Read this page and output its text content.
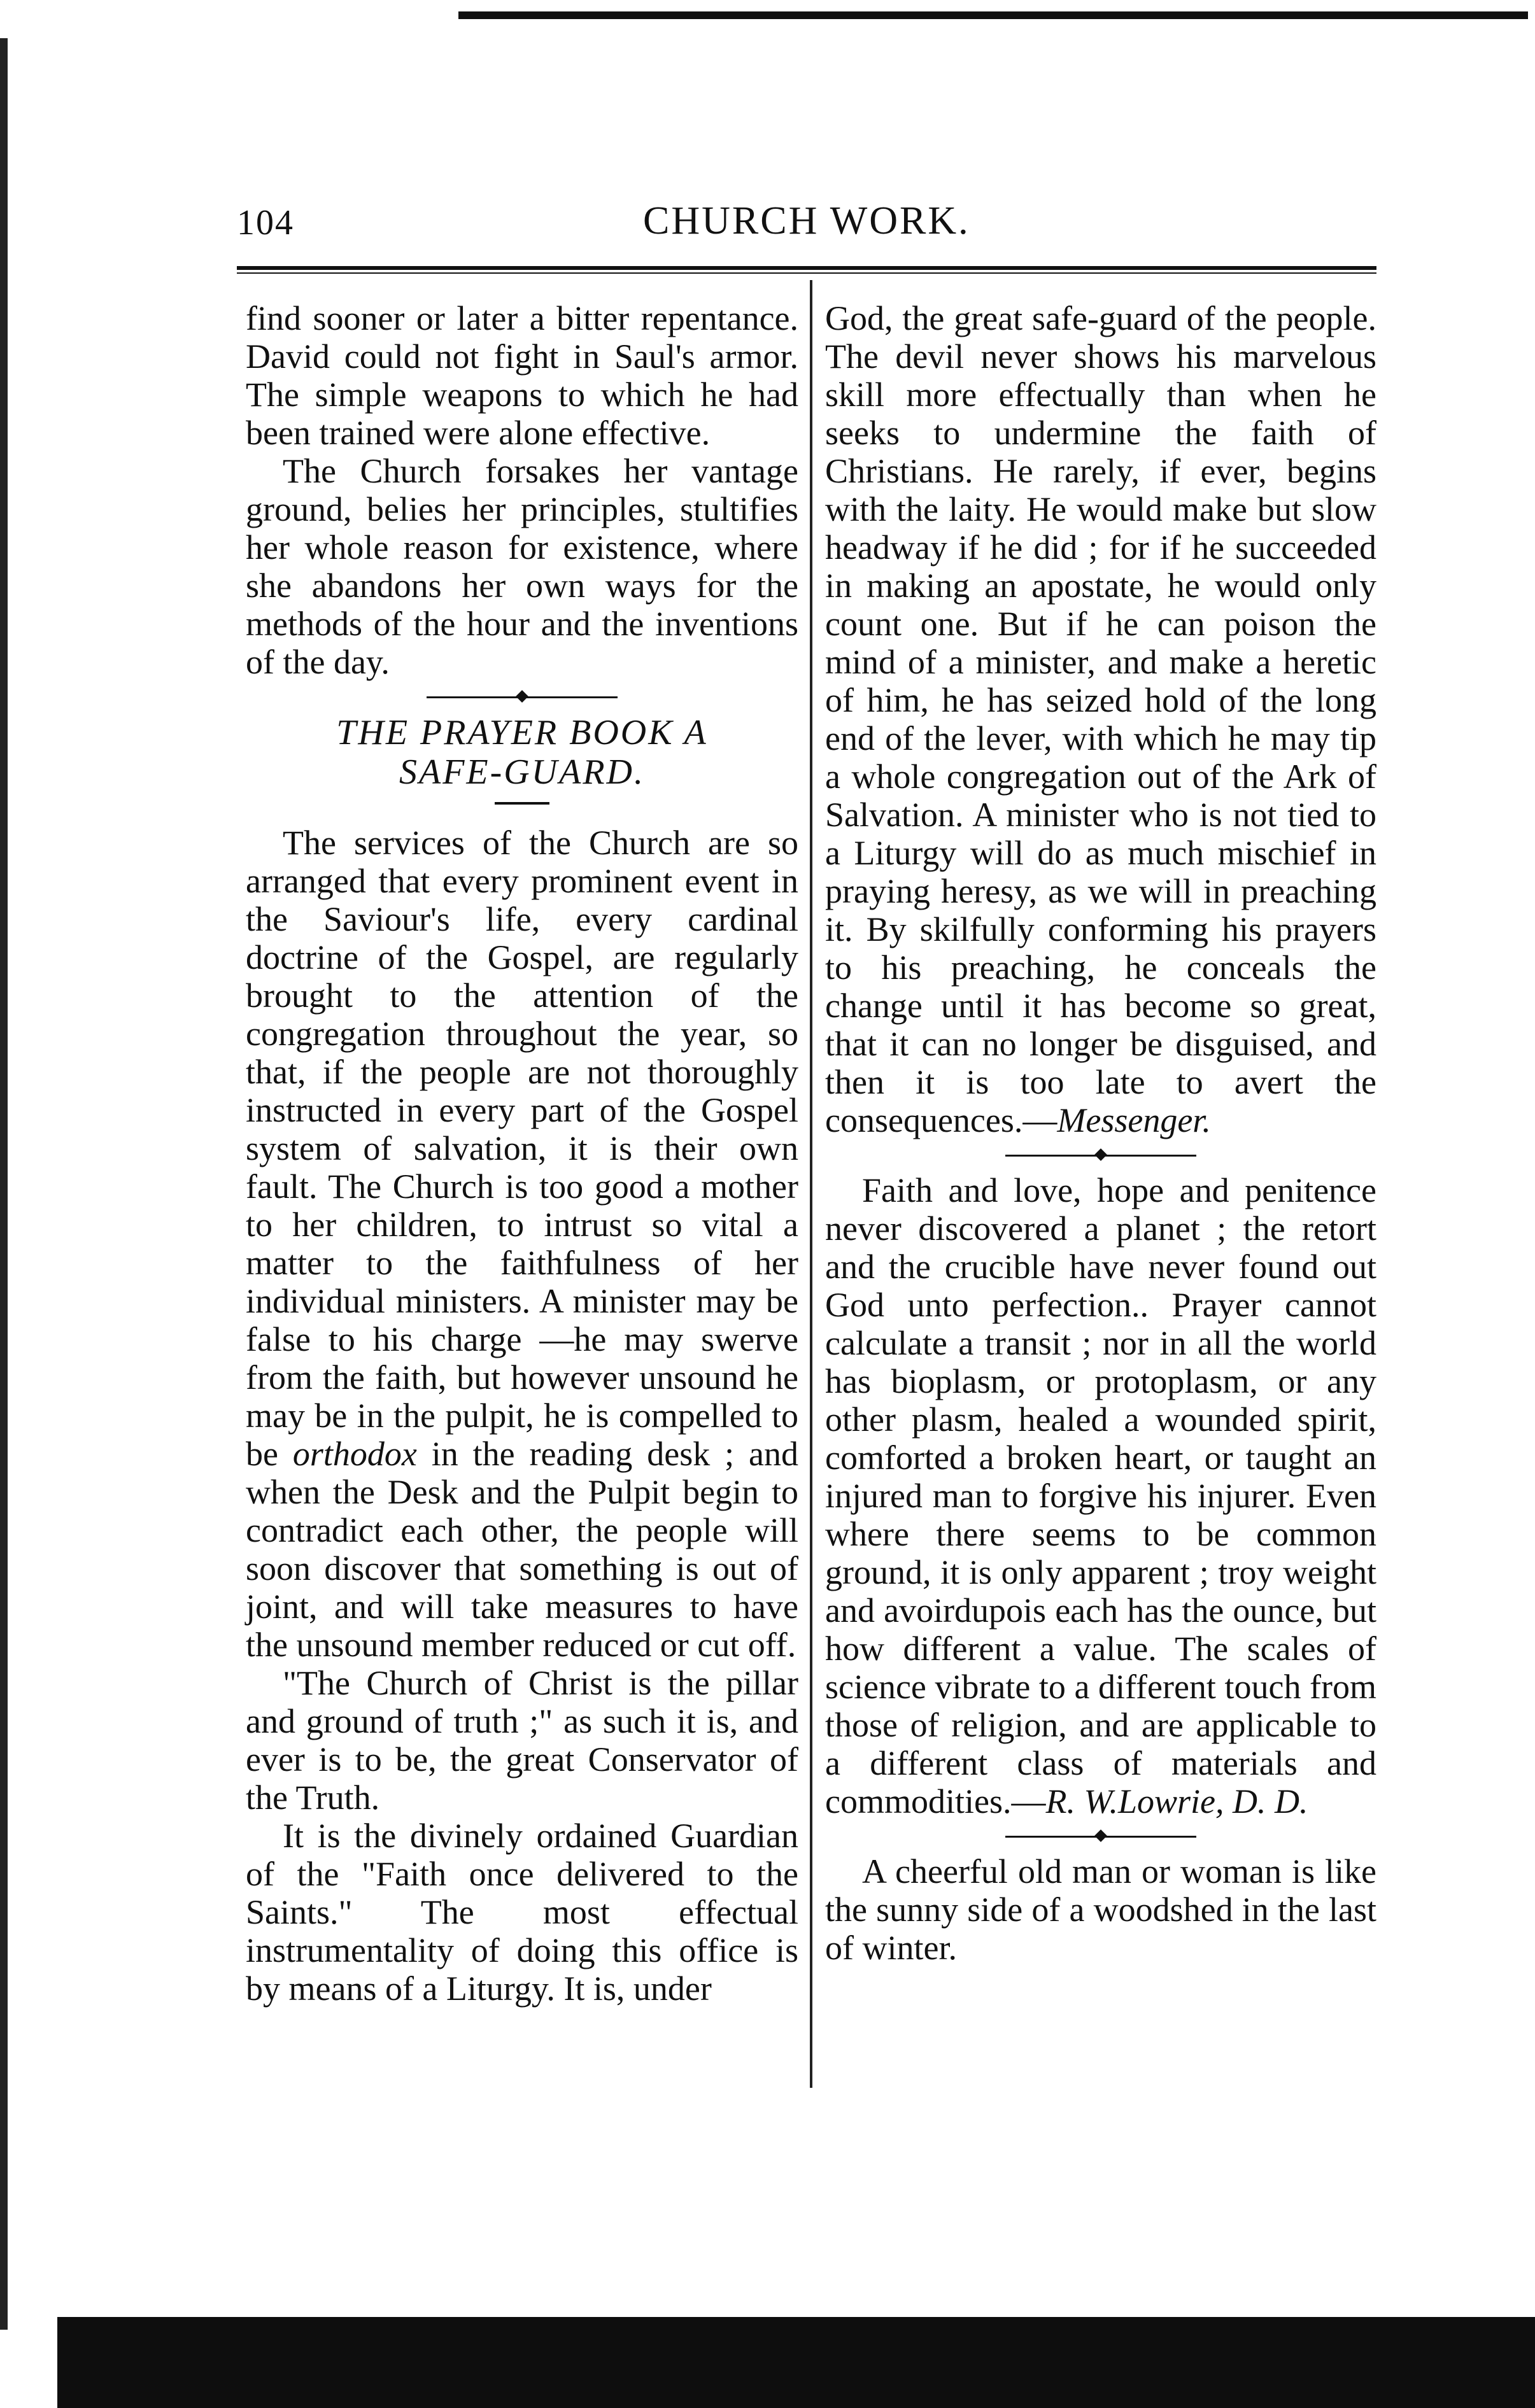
104	CHURCH WORK.

find sooner or later a bitter repentance. David could not fight in Saul's armor. The simple weapons to which he had been trained were alone effective.

The Church forsakes her vantage ground, belies her principles, stultifies her whole reason for existence, where she abandons her own ways for the methods of the hour and the inventions of the day.

THE PRAYER BOOK A
SAFE-GUARD.

The services of the Church are so arranged that every prominent event in the Saviour's life, every cardinal doctrine of the Gospel, are regularly brought to the attention of the congregation throughout the year, so that, if the people are not thoroughly instructed in every part of the Gospel system of salvation, it is their own fault. The Church is too good a mother to her children, to intrust so vital a matter to the faithfulness of her individual ministers. A minister may be false to his charge —he may swerve from the faith, but however unsound he may be in the pulpit, he is compelled to be orthodox in the reading desk ; and when the Desk and the Pulpit begin to contradict each other, the people will soon discover that something is out of joint, and will take measures to have the unsound member reduced or cut off.

"The Church of Christ is the pillar and ground of truth ;" as such it is, and ever is to be, the great Conservator of the Truth.

It is the divinely ordained Guardian of the "Faith once delivered to the Saints." The most effectual instrumentality of doing this office is by means of a Liturgy. It is, under

God, the great safe-guard of the people. The devil never shows his marvelous skill more effectually than when he seeks to undermine the faith of Christians. He rarely, if ever, begins with the laity. He would make but slow headway if he did ; for if he succeeded in making an apostate, he would only count one. But if he can poison the mind of a minister, and make a heretic of him, he has seized hold of the long end of the lever, with which he may tip a whole congregation out of the Ark of Salvation. A minister who is not tied to a Liturgy will do as much mischief in praying heresy, as we will in preaching it. By skilfully conforming his prayers to his preaching, he conceals the change until it has become so great, that it can no longer be disguised, and then it is too late to avert the consequences.—Messenger.

Faith and love, hope and penitence never discovered a planet ; the retort and the crucible have never found out God unto perfection.. Prayer cannot calculate a transit ; nor in all the world has bioplasm, or protoplasm, or any other plasm, healed a wounded spirit, comforted a broken heart, or taught an injured man to forgive his injurer. Even where there seems to be common ground, it is only apparent ; troy weight and avoirdupois each has the ounce, but how different a value. The scales of science vibrate to a different touch from those of religion, and are applicable to a different class of materials and commodities.—R. W.Lowrie, D. D.

A cheerful old man or woman is like the sunny side of a woodshed in the last of winter.
